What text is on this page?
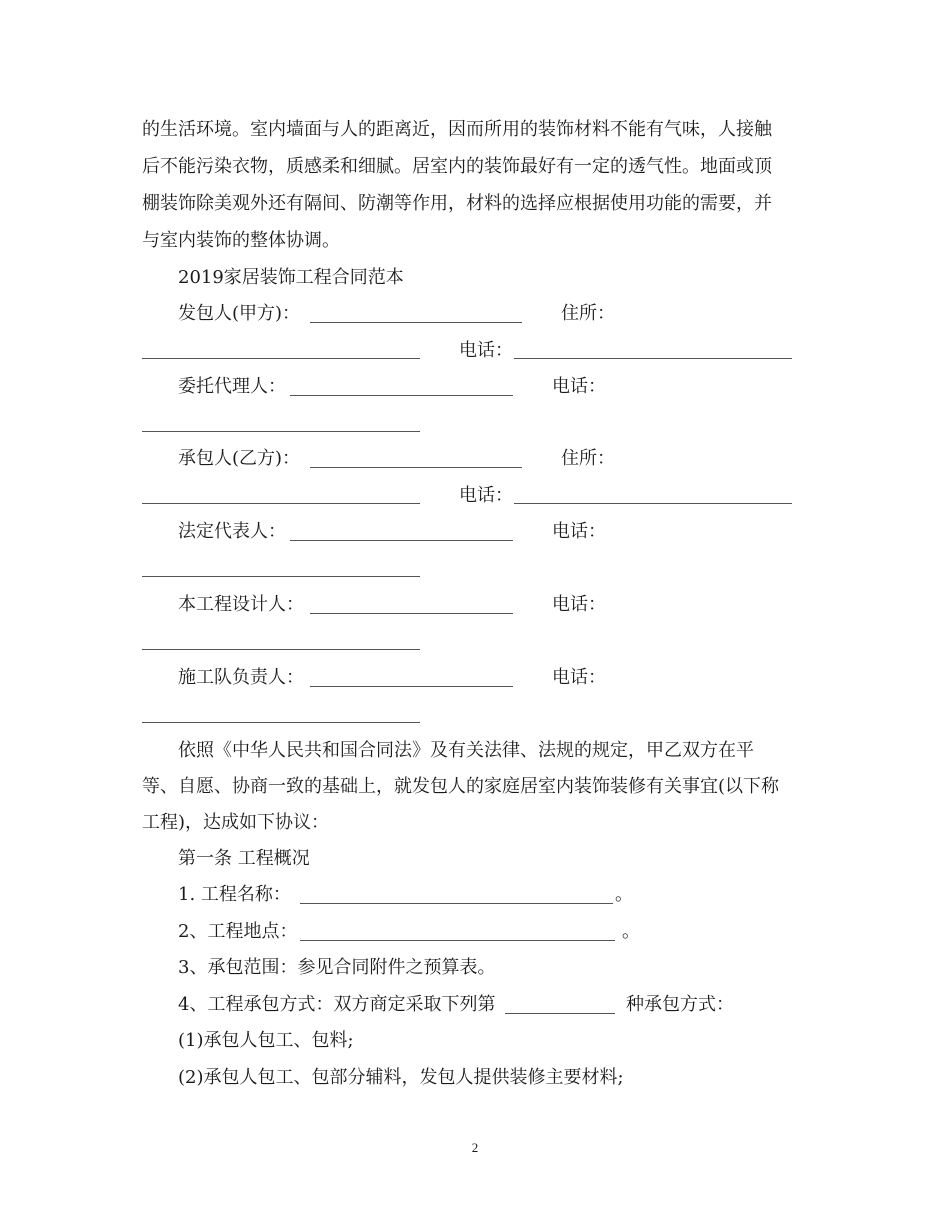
的生活环境。室内墙面与人的距离近，因而所用的装饰材料不能有气味，人接触
后不能污染衣物，质感柔和细腻。居室内的装饰最好有一定的透气性。地面或顶
棚装饰除美观外还有隔间、防潮等作用，材料的选择应根据使用功能的需要，并
与室内装饰的整体协调。
2019家居装饰工程合同范本
发包人(甲方)：	住所：
电话：
委托代理人：	电话：
承包人(乙方)：	住所：
电话：
法定代表人：	电话：
本工程设计人：	电话：
施工队负责人：	电话：
依照《中华人民共和国合同法》及有关法律、法规的规定，甲乙双方在平
等、自愿、协商一致的基础上，就发包人的家庭居室内装饰装修有关事宜(以下称
工程)，达成如下协议：
第一条 工程概况
1. 工程名称：	。
2、工程地点：	。
3、承包范围：参见合同附件之预算表。
4、工程承包方式：双方商定采取下列第	种承包方式：
(1)承包人包工、包料;
(2)承包人包工、包部分辅料，发包人提供装修主要材料;
2
